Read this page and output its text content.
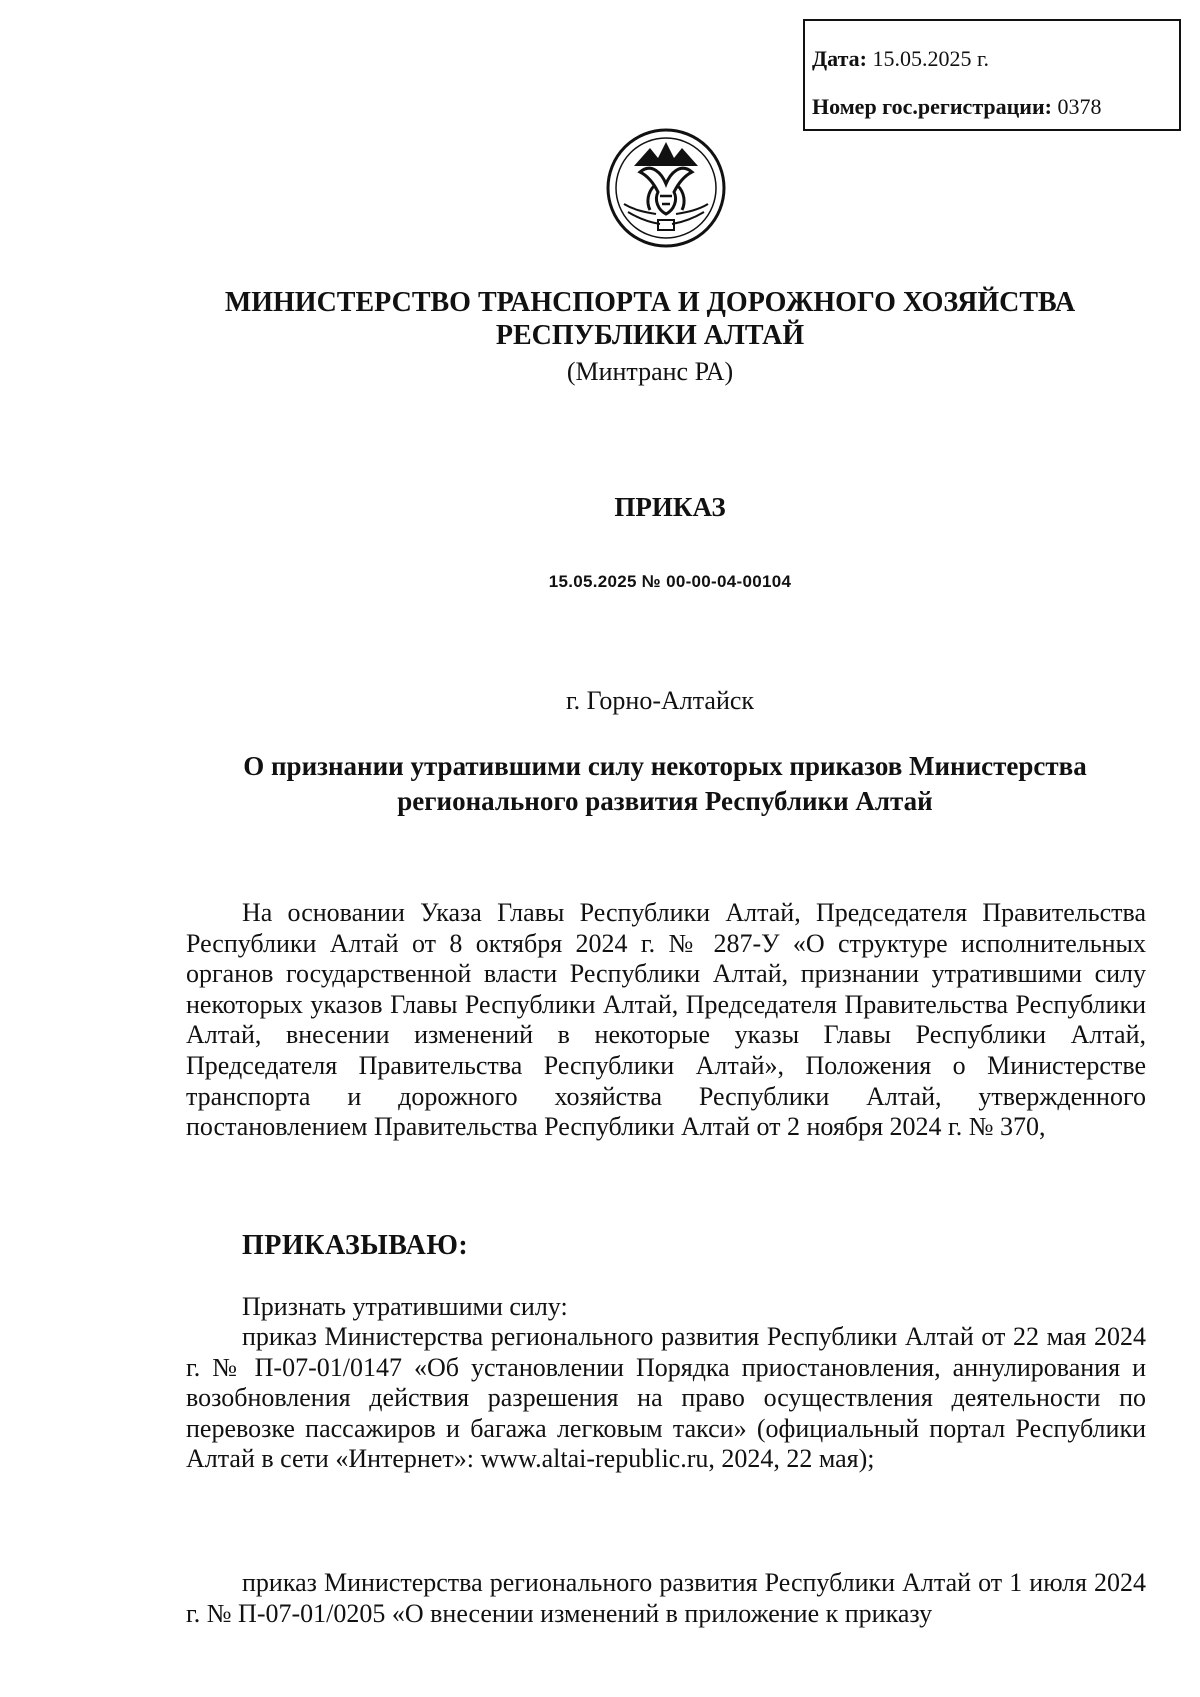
Дата: 15.05.2025 г.
Номер гос.регистрации: 0378
МИНИСТЕРСТВО ТРАНСПОРТА И ДОРОЖНОГО ХОЗЯЙСТВА
РЕСПУБЛИКИ АЛТАЙ
(Минтранс РА)
ПРИКАЗ
15.05.2025 № 00-00-04-00104
г. Горно-Алтайск
О признании утратившими силу некоторых приказов Министерства
регионального развития Республики Алтай
На основании Указа Главы Республики Алтай, Председателя Правительства Республики Алтай от 8 октября 2024 г. № 287-У «О структуре исполнительных органов государственной власти Республики Алтай, признании утратившими силу некоторых указов Главы Республики Алтай, Председателя Правительства Республики Алтай, внесении изменений в некоторые указы Главы Республики Алтай, Председателя Правительства Республики Алтай», Положения о Министерстве транспорта и дорожного хозяйства Республики Алтай, утвержденного постановлением Правительства Республики Алтай от 2 ноября 2024 г. № 370,
ПРИКАЗЫВАЮ:
Признать утратившими силу:
приказ Министерства регионального развития Республики Алтай от 22 мая 2024 г. № П-07-01/0147 «Об установлении Порядка приостановления, аннулирования и возобновления действия разрешения на право осуществления деятельности по перевозке пассажиров и багажа легковым такси» (официальный портал Республики Алтай в сети «Интернет»: www.altai-republic.ru, 2024, 22 мая);
приказ Министерства регионального развития Республики Алтай от 1 июля 2024 г. № П-07-01/0205 «О внесении изменений в приложение к приказу
